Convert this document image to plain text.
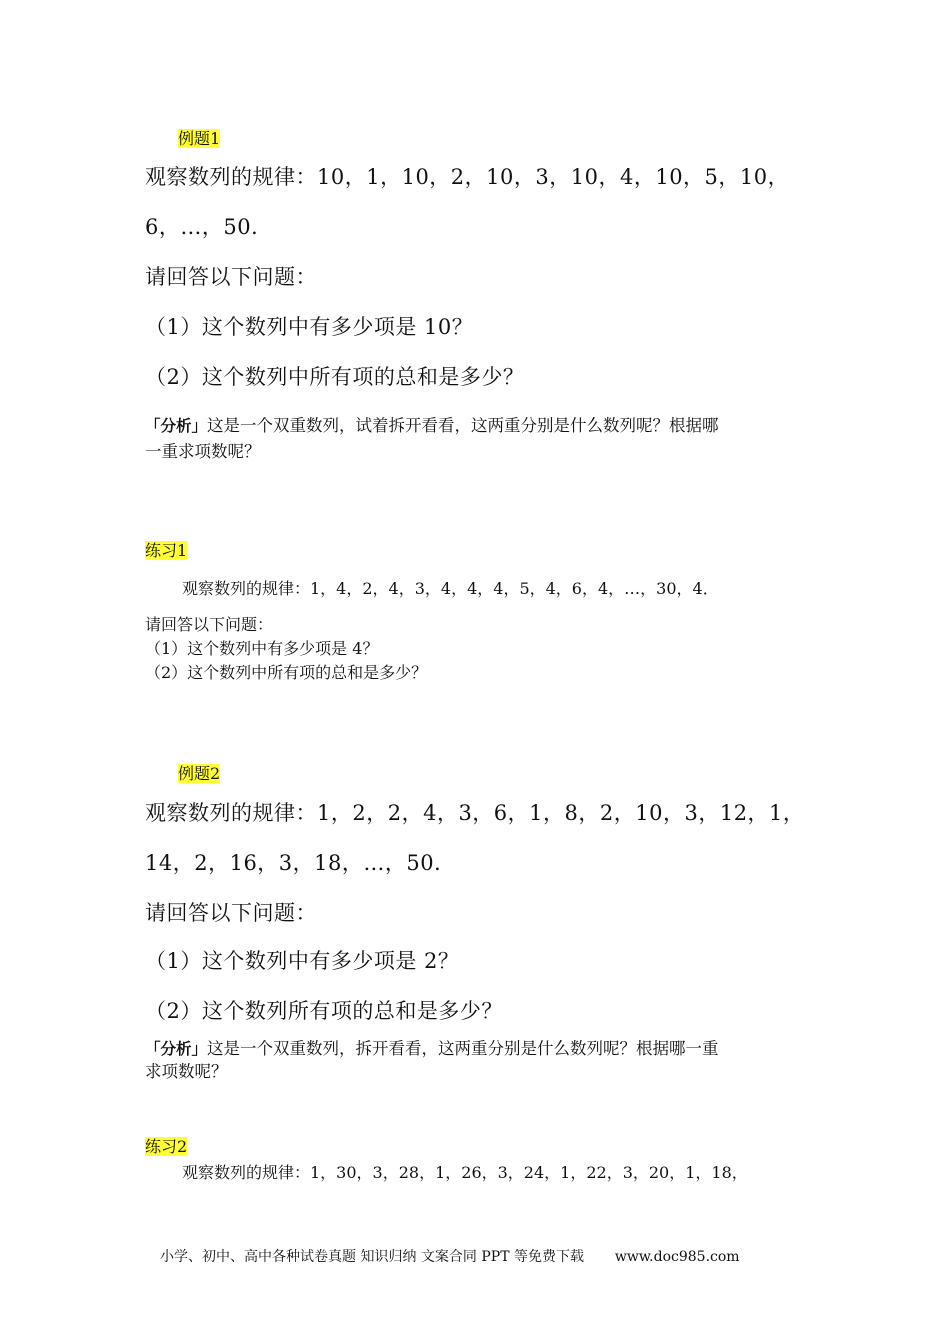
例题1
观察数列的规律：10，1，10，2，10，3，10，4，10，5，10，
6，…，50．
请回答以下问题：
（1）这个数列中有多少项是 10？
（2）这个数列中所有项的总和是多少？
「分析」这是一个双重数列，试着拆开看看，这两重分别是什么数列呢？根据哪
一重求项数呢？
练习1
观察数列的规律：1，4，2，4，3，4，4，4，5，4，6，4，…，30，4．
请回答以下问题：
（1）这个数列中有多少项是 4？
（2）这个数列中所有项的总和是多少？
例题2
观察数列的规律：1，2，2，4，3，6，1，8，2，10，3，12，1，
14，2，16，3，18，…，50．
请回答以下问题：
（1）这个数列中有多少项是 2？
（2）这个数列所有项的总和是多少？
「分析」这是一个双重数列，拆开看看，这两重分别是什么数列呢？根据哪一重
求项数呢？
练习2
观察数列的规律：1，30，3，28，1，26，3，24，1，22，3，20，1，18，
小学、初中、高中各种试卷真题 知识归纳 文案合同 PPT 等免费下载 www.doc985.com
